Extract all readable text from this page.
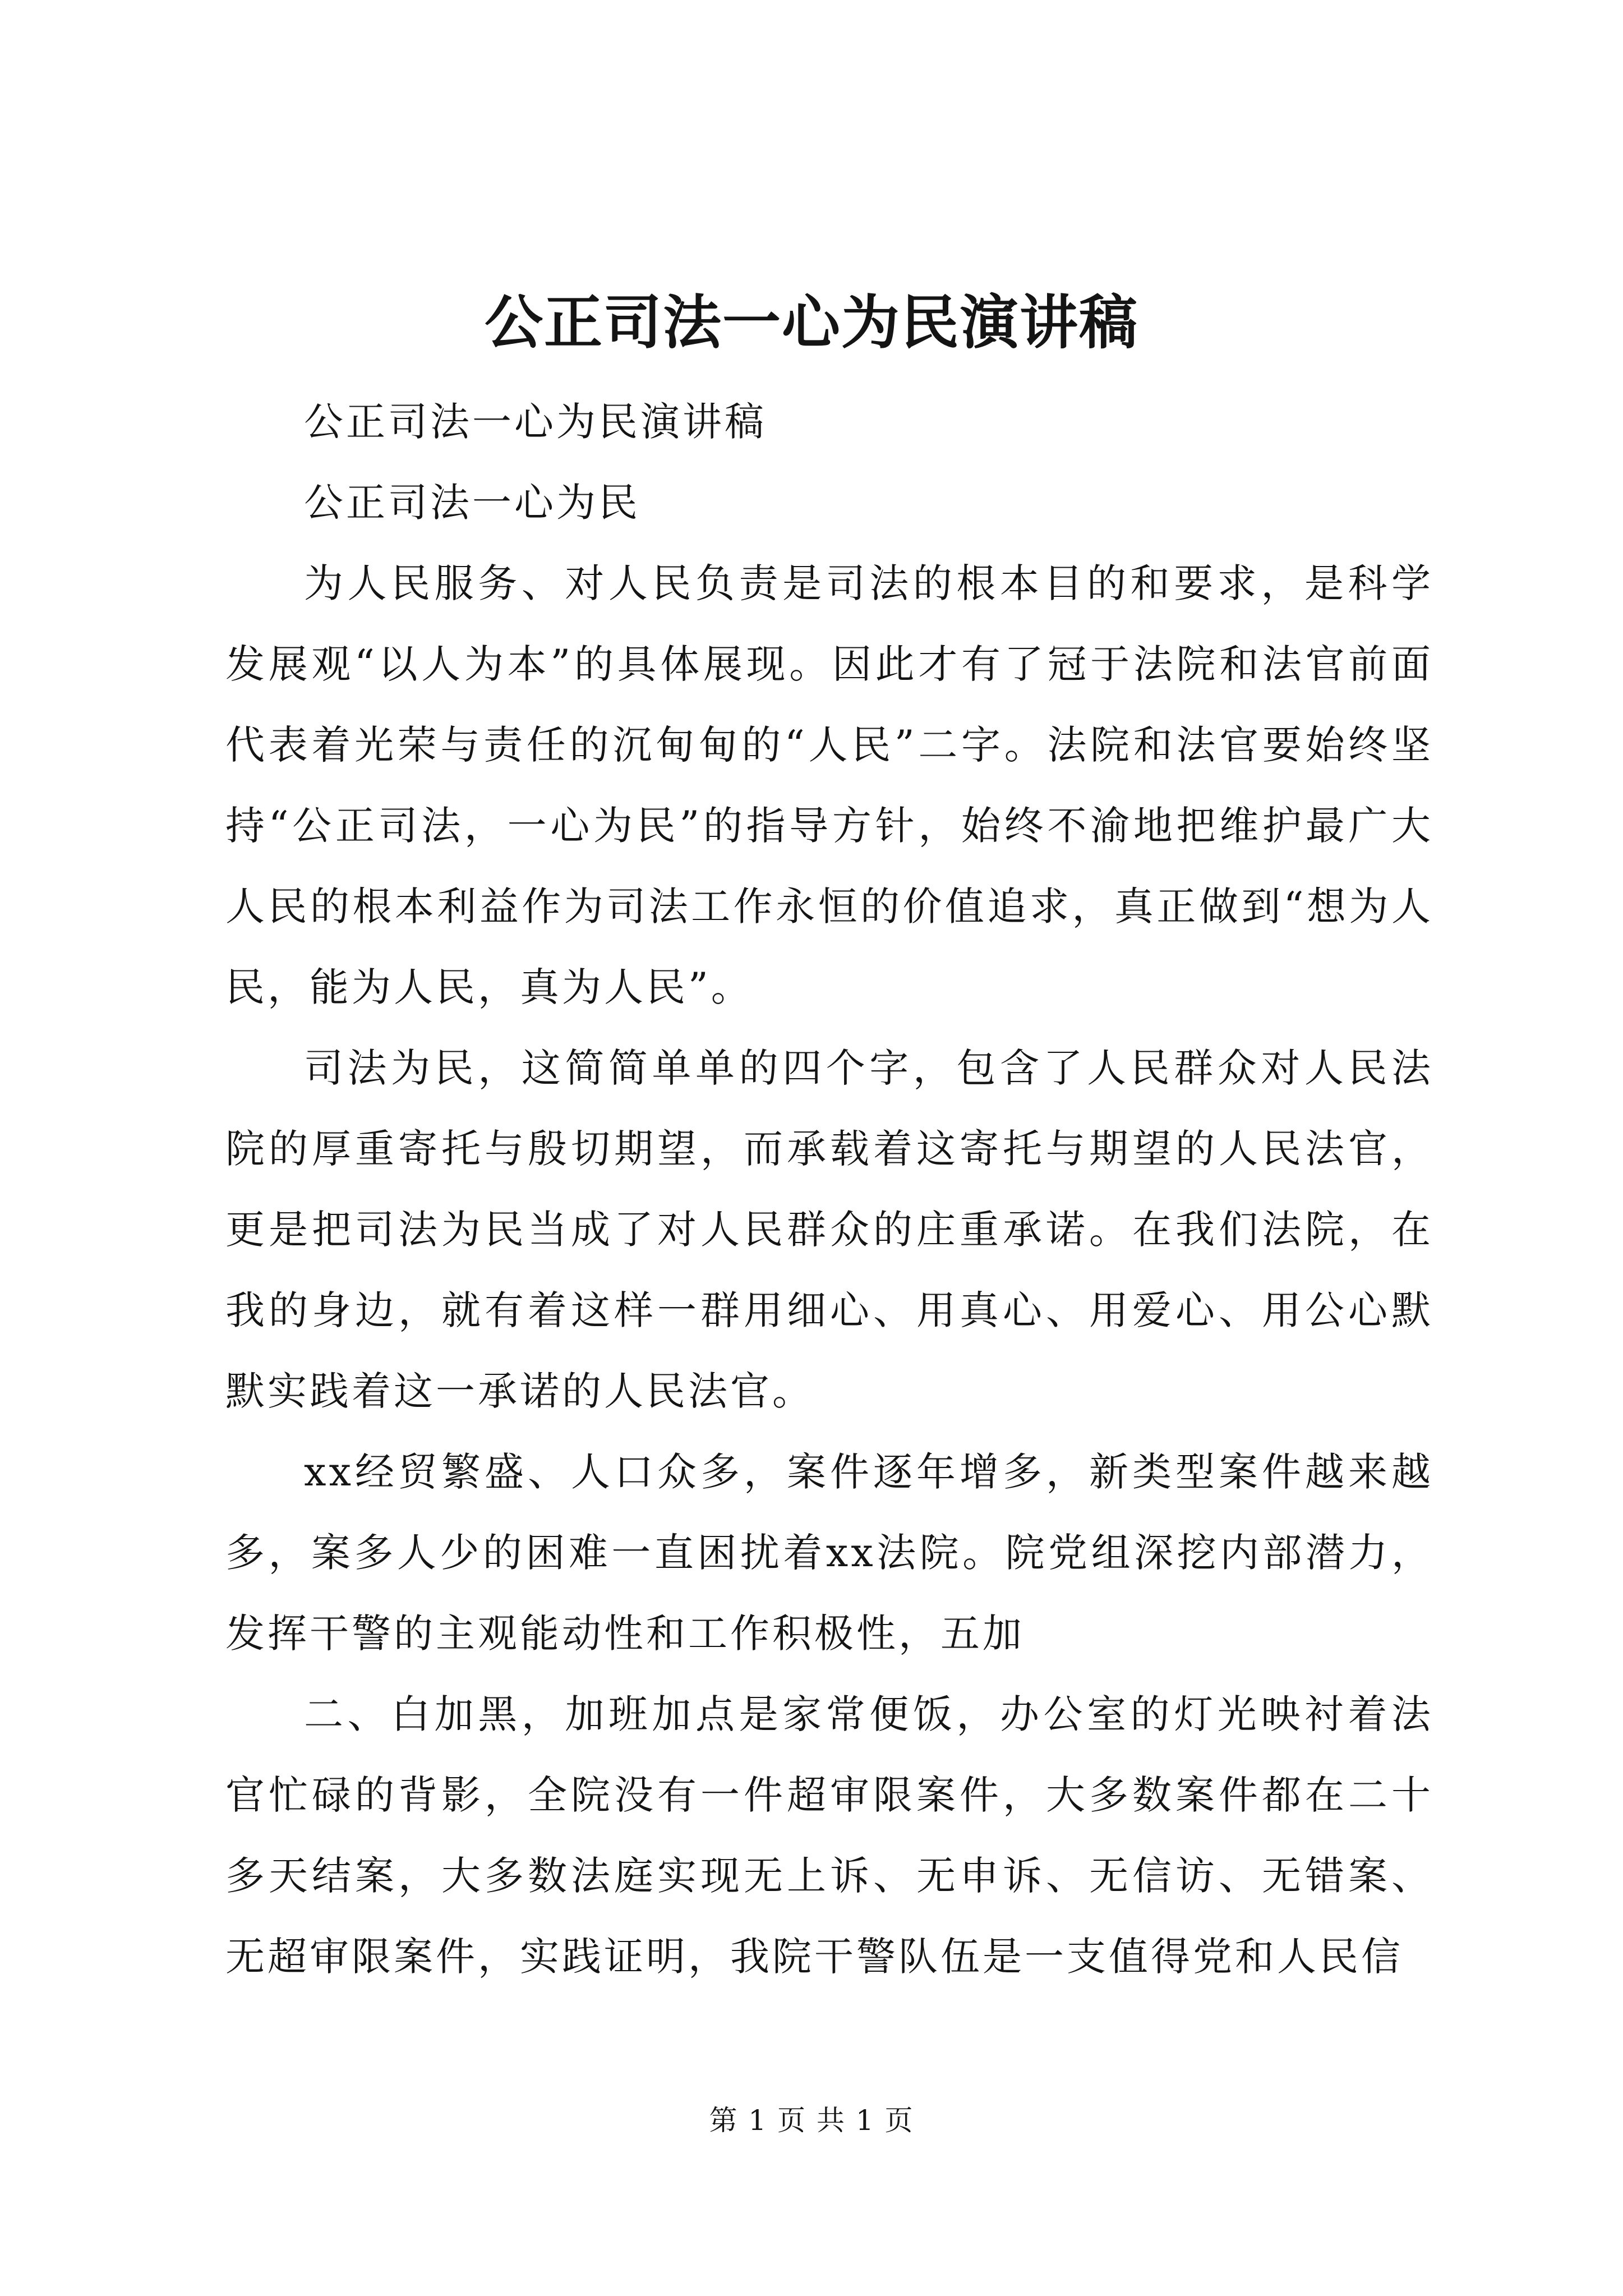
公正司法一心为民演讲稿

公正司法一心为民演讲稿

公正司法一心为民

为人民服务、对人民负责是司法的根本目的和要求，是科学发展观“以人为本”的具体展现。因此才有了冠于法院和法官前面代表着光荣与责任的沉甸甸的“人民”二字。法院和法官要始终坚持“公正司法，一心为民”的指导方针，始终不渝地把维护最广大人民的根本利益作为司法工作永恒的价值追求，真正做到“想为人民，能为人民，真为人民”。

司法为民，这简简单单的四个字，包含了人民群众对人民法院的厚重寄托与殷切期望，而承载着这寄托与期望的人民法官，更是把司法为民当成了对人民群众的庄重承诺。在我们法院，在我的身边，就有着这样一群用细心、用真心、用爱心、用公心默默实践着这一承诺的人民法官。

xx经贸繁盛、人口众多，案件逐年增多，新类型案件越来越多，案多人少的困难一直困扰着xx法院。院党组深挖内部潜力，发挥干警的主观能动性和工作积极性，五加

二、白加黑，加班加点是家常便饭，办公室的灯光映衬着法官忙碌的背影，全院没有一件超审限案件，大多数案件都在二十多天结案，大多数法庭实现无上诉、无申诉、无信访、无错案、无超审限案件，实践证明，我院干警队伍是一支值得党和人民信

第 1 页 共 1 页
